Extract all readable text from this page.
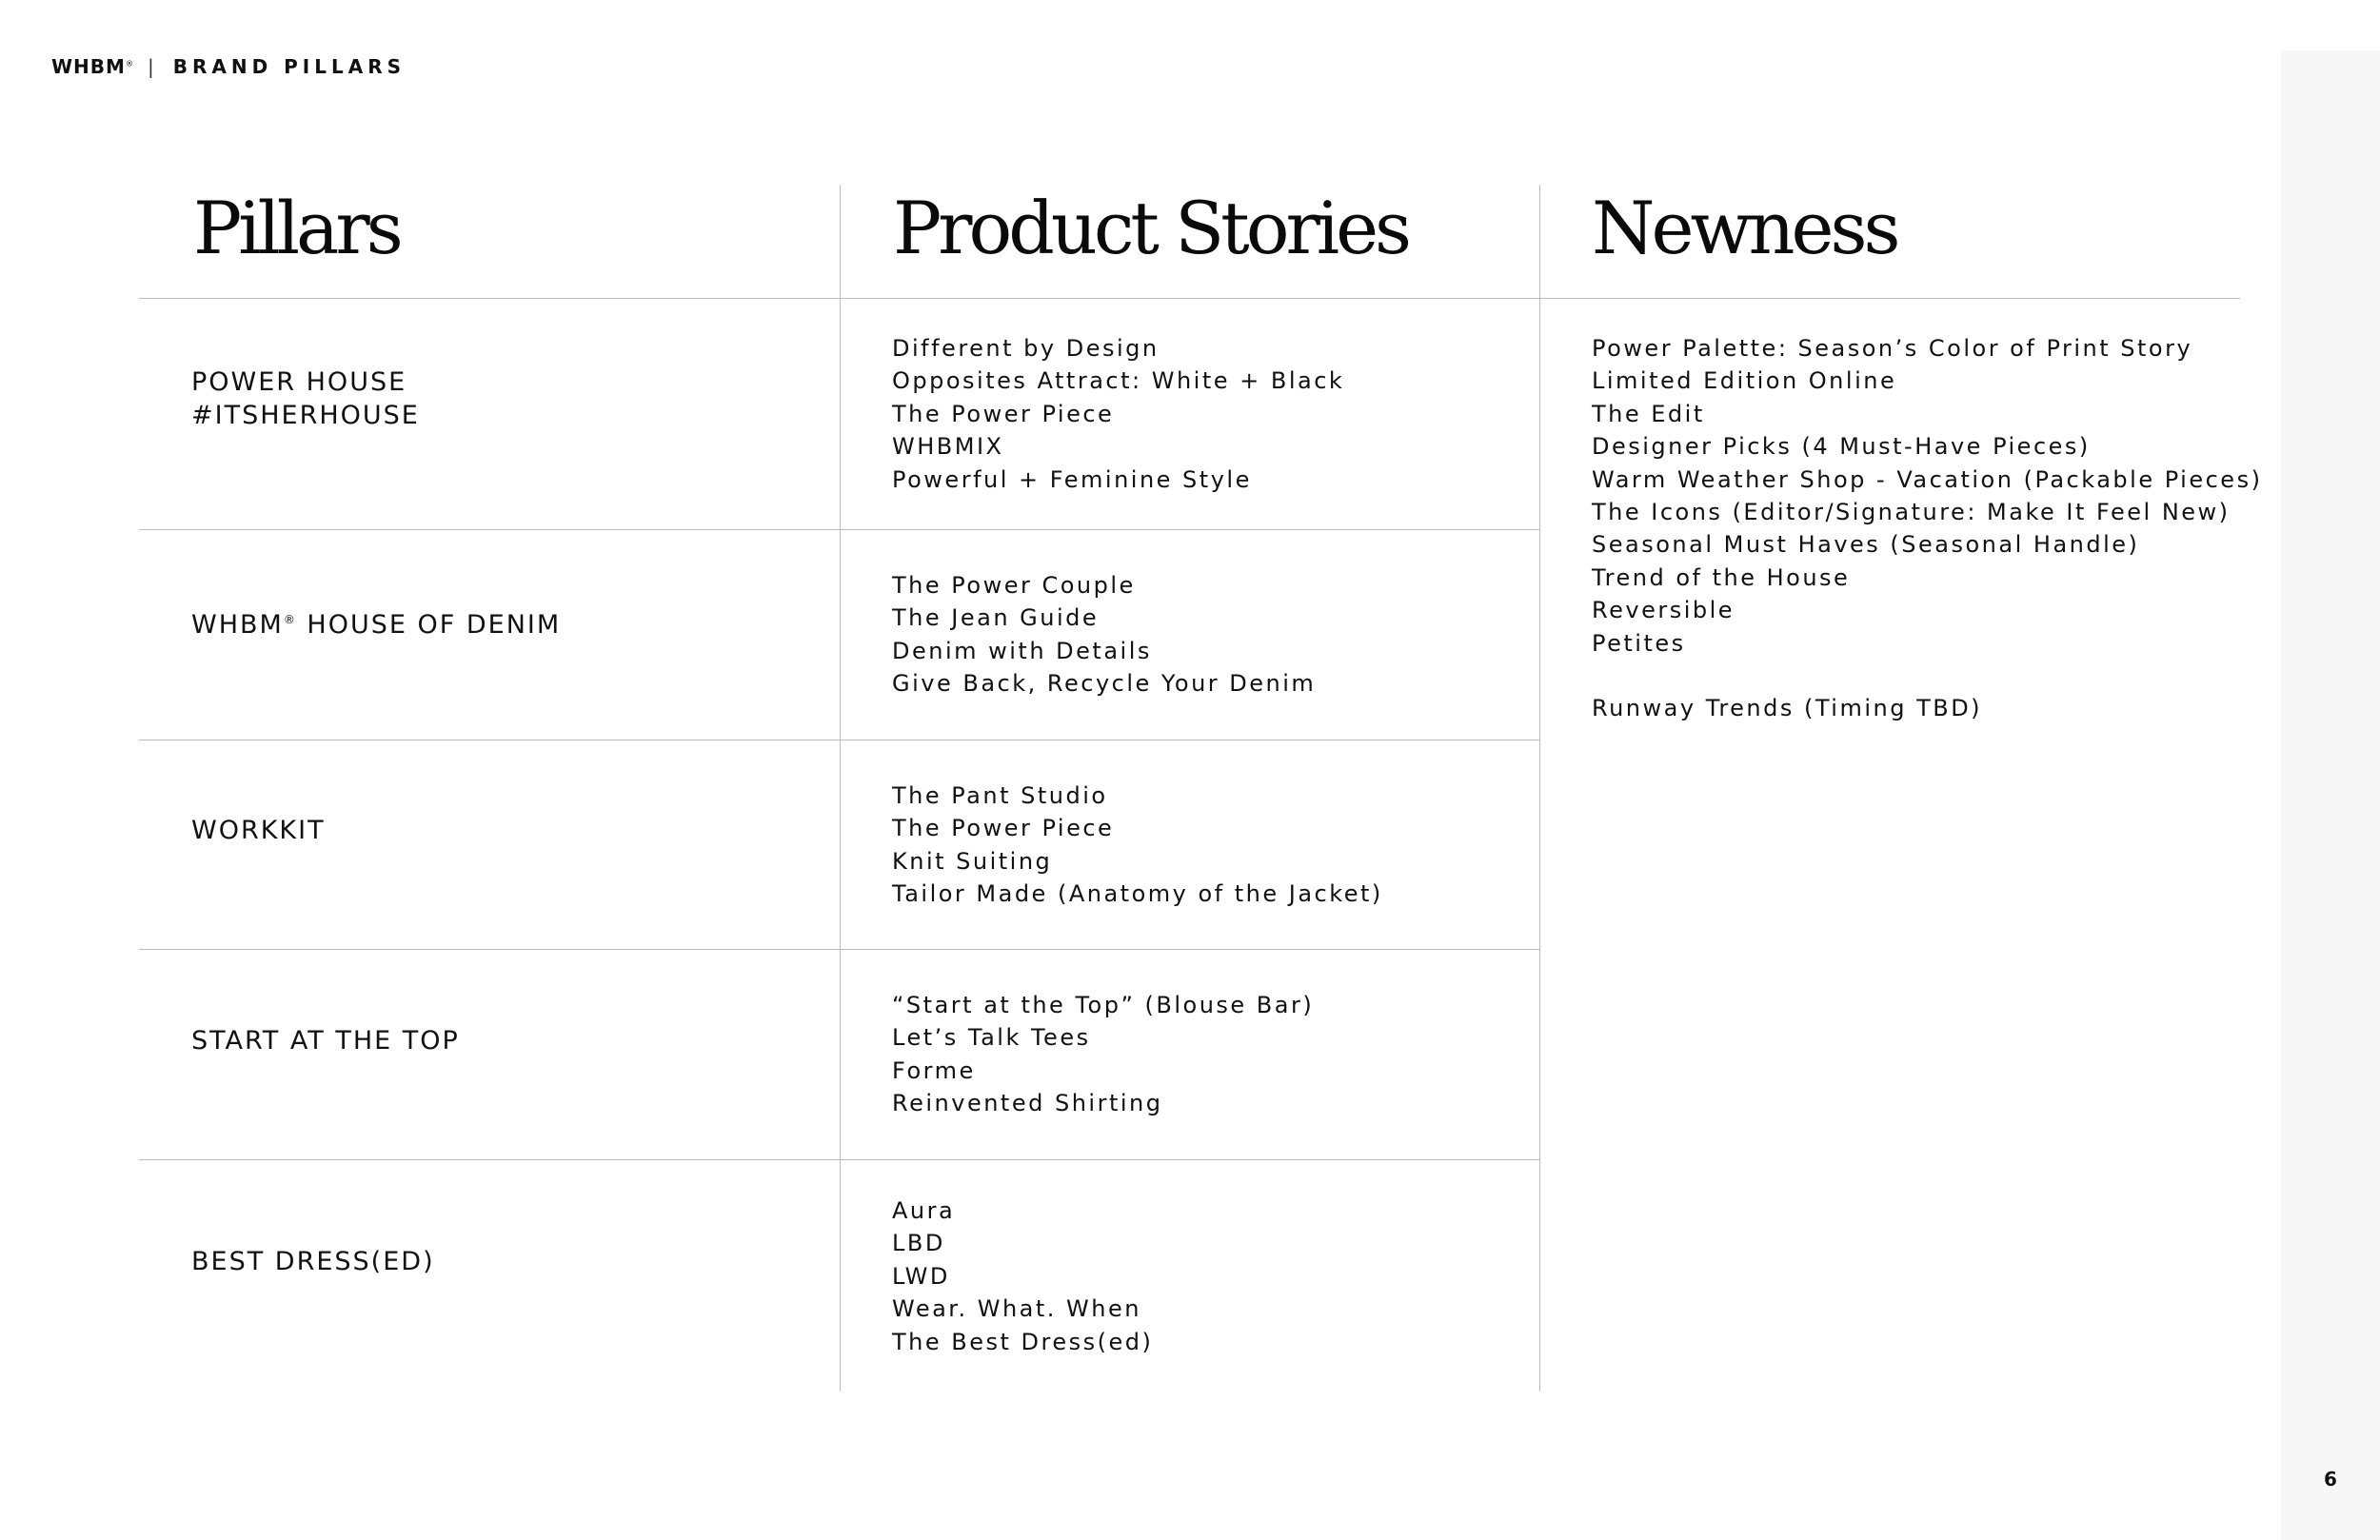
WHBM® | BRAND PILLARS
Pillars	Product Stories	Newness
POWER HOUSE
#ITSHERHOUSE
Different by Design
Opposites Attract: White + Black
The Power Piece
WHBMIX
Powerful + Feminine Style
WHBM® HOUSE OF DENIM
The Power Couple
The Jean Guide
Denim with Details
Give Back, Recycle Your Denim
WORKKIT
The Pant Studio
The Power Piece
Knit Suiting
Tailor Made (Anatomy of the Jacket)
START AT THE TOP
“Start at the Top” (Blouse Bar)
Let’s Talk Tees
Forme
Reinvented Shirting
BEST DRESS(ED)
Aura
LBD
LWD
Wear. What. When
The Best Dress(ed)
Power Palette: Season’s Color of Print Story
Limited Edition Online
The Edit
Designer Picks (4 Must-Have Pieces)
Warm Weather Shop - Vacation (Packable Pieces)
The Icons (Editor/Signature: Make It Feel New)
Seasonal Must Haves (Seasonal Handle)
Trend of the House
Reversible
Petites
Runway Trends (Timing TBD)
6
